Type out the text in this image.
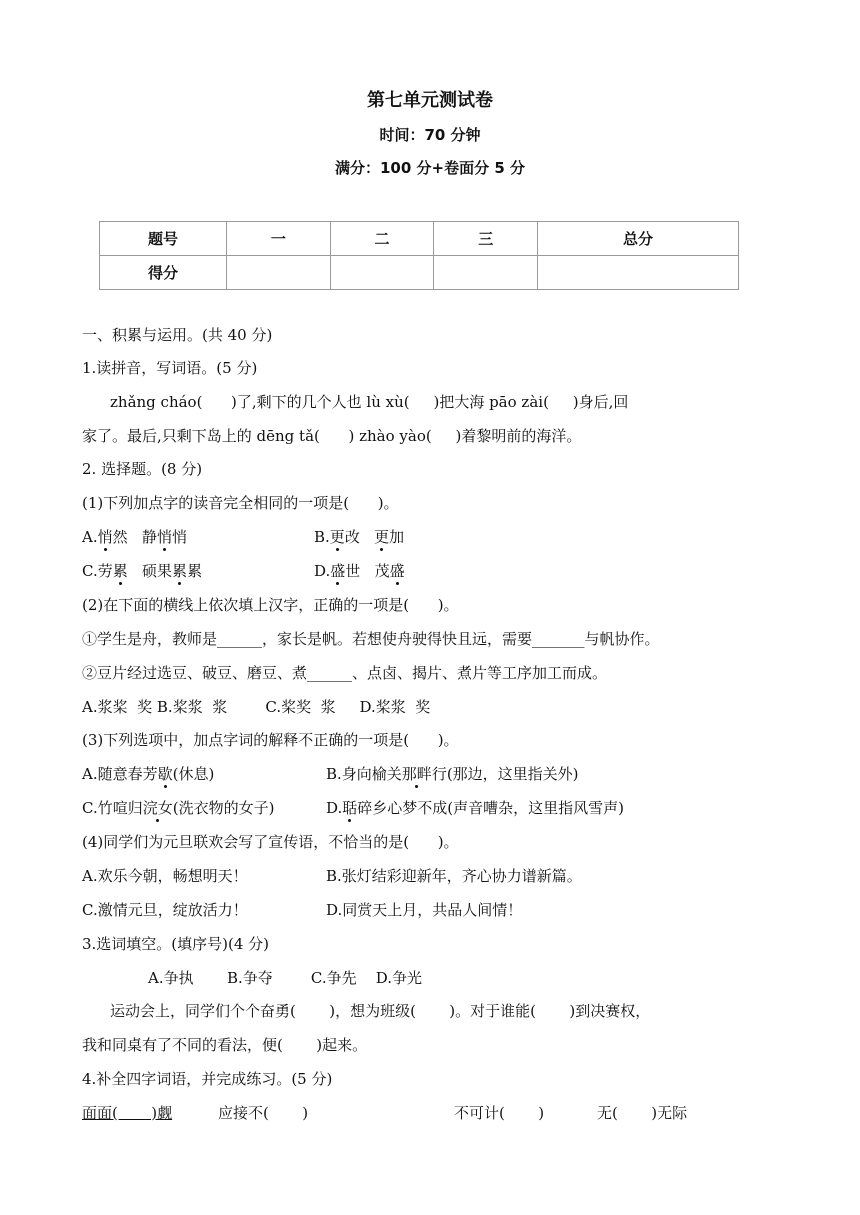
第七单元测试卷
时间：70 分钟
满分：100 分+卷面分 5 分
题号	一	二	三	总分
得分				
一、积累与运用。(共 40 分)
1.读拼音，写词语。(5 分)
zhǎng cháo(      )了,剩下的几个人也 lù xù(     )把大海 pāo zài(     )身后,回
家了。最后,只剩下岛上的 dēng tǎ(      ) zhào yào(     )着黎明前的海洋。
2. 选择题。(8 分)
(1)下列加点字的读音完全相同的一项是(      )。
A.悄然   静悄悄	B.更改   更加
C.劳累   硕果累累	D.盛世   茂盛
(2)在下面的横线上依次填上汉字，正确的一项是(      )。
①学生是舟，教师是______，家长是帆。若想使舟驶得快且远，需要_______与帆协作。
②豆片经过选豆、破豆、磨豆、煮______、点卤、揭片、煮片等工序加工而成。
A.浆桨  奖 B.桨浆  浆        C.桨奖  浆     D.桨浆  奖
(3)下列选项中，加点字词的解释不正确的一项是(      )。
A.随意春芳歇(休息)	B.身向榆关那畔行(那边，这里指关外)
C.竹喧归浣女(洗衣物的女子)	D.聒碎乡心梦不成(声音嘈杂，这里指风雪声)
(4)同学们为元旦联欢会写了宣传语，不恰当的是(      )。
A.欢乐今朝，畅想明天！	B.张灯结彩迎新年，齐心协力谱新篇。
C.激情元旦，绽放活力！	D.同赏天上月，共品人间情！
3.选词填空。(填序号)(4 分)
A.争执       B.争夺        C.争先    D.争光
运动会上，同学们个个奋勇(       )，想为班级(       )。对于谁能(       )到决赛权，
我和同桌有了不同的看法，便(       )起来。
4.补全四字词语，并完成练习。(5 分)
面面(       )觑	应接不(       )	不可计(       )	无(       )无际
